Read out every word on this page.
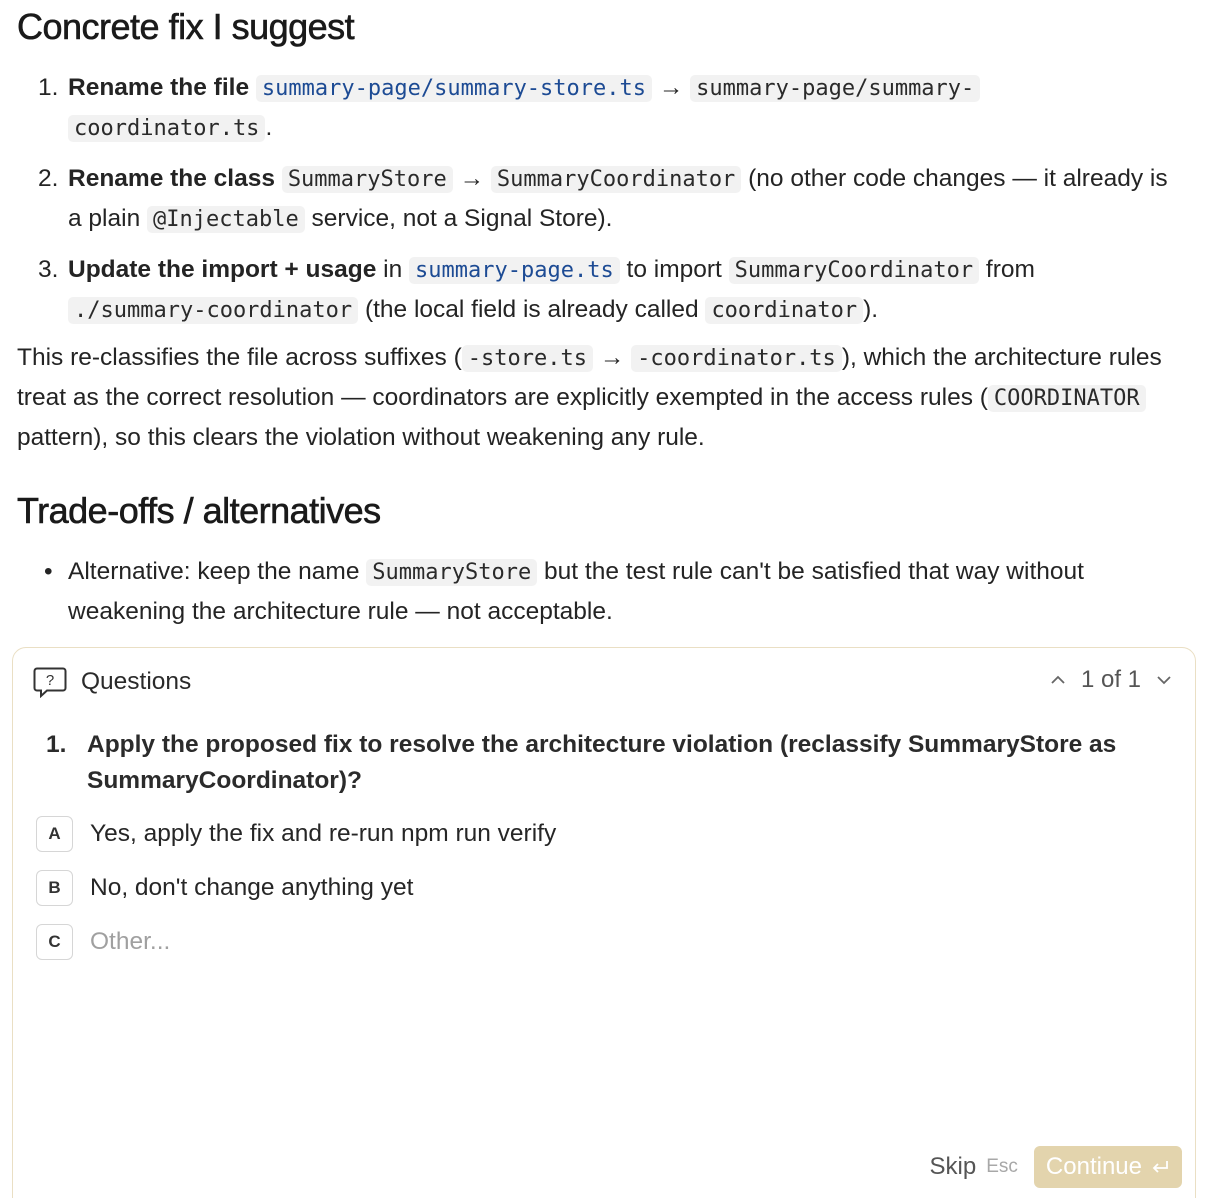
Concrete fix I suggest
1. Rename the file summary-page/summary-store.ts → summary-page/summary-
coordinator.ts .
2. Rename the class SummaryStore → SummaryCoordinator (no other code changes — it already is a plain @Injectable service, not a Signal Store).
3. Update the import + usage in summary-page.ts to import SummaryCoordinator from
./summary-coordinator (the local field is already called coordinator ).
This re-classifies the file across suffixes ( -store.ts → -coordinator.ts ), which the architecture rules treat as the correct resolution — coordinators are explicitly exempted in the access rules ( COORDINATOR pattern), so this clears the violation without weakening any rule.
Trade-offs / alternatives
• Alternative: keep the name SummaryStore but the test rule can't be satisfied that way without weakening the architecture rule — not acceptable.
? Questions	1 of 1
1. Apply the proposed fix to resolve the architecture violation (reclassify SummaryStore as SummaryCoordinator)?
A	Yes, apply the fix and re-run npm run verify
B	No, don't change anything yet
C	Other...
Skip Esc Continue
